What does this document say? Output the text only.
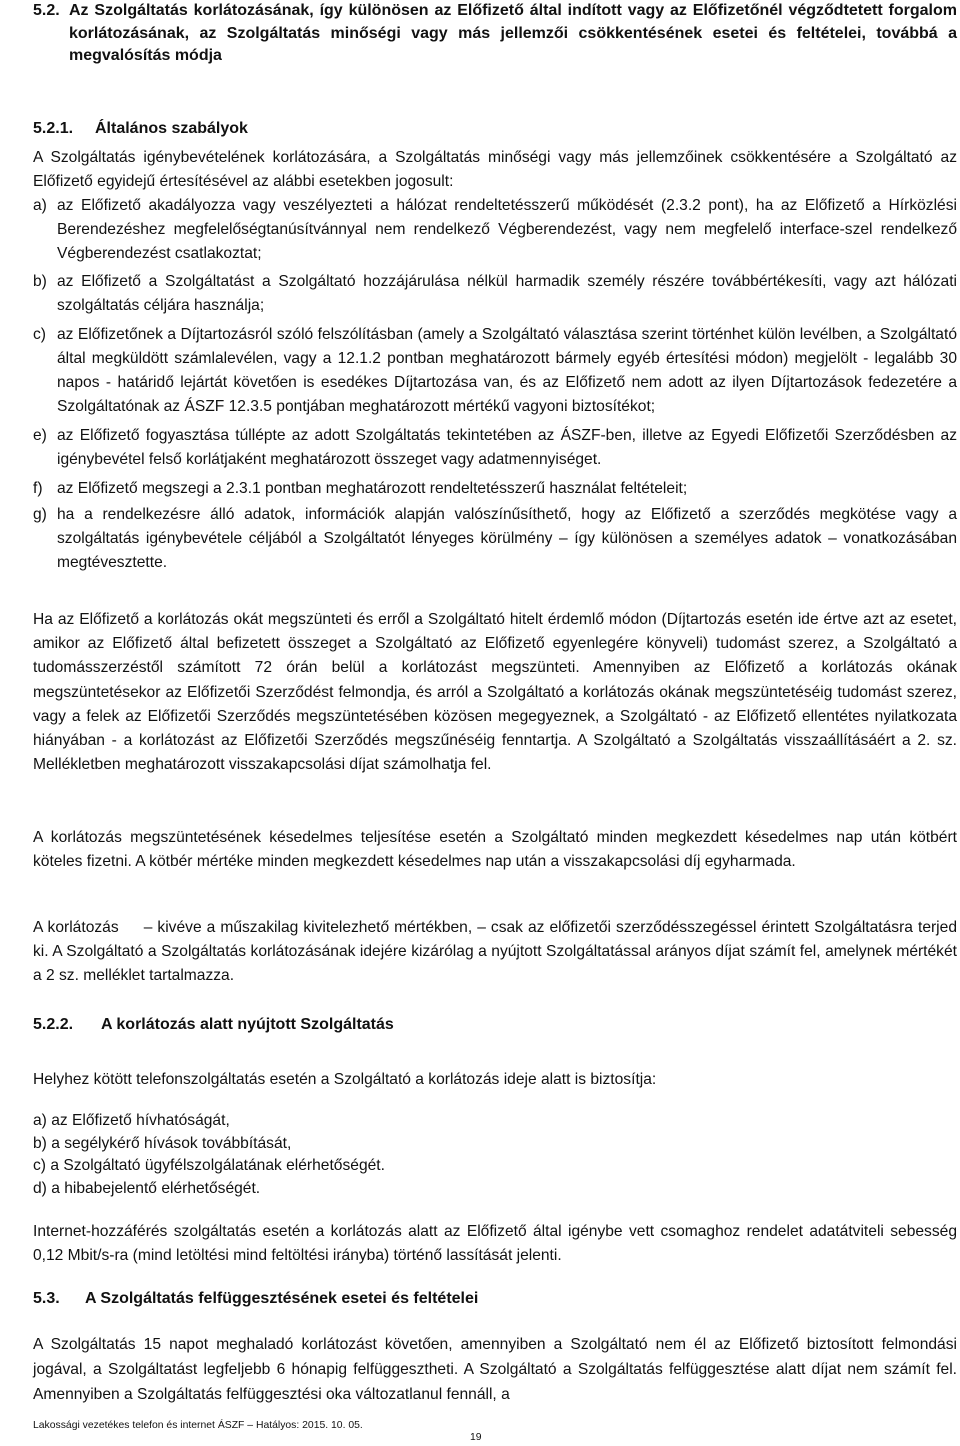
5.2. Az Szolgáltatás korlátozásának, így különösen az Előfizető által indított vagy az Előfizetőnél végződtetett forgalom korlátozásának, az Szolgáltatás minőségi vagy más jellemzői csökkentésének esetei és feltételei, továbbá a megvalósítás módja
5.2.1. Általános szabályok
A Szolgáltatás igénybevételének korlátozására, a Szolgáltatás minőségi vagy más jellemzőinek csökkentésére a Szolgáltató az Előfizető egyidejű értesítésével az alábbi esetekben jogosult:
a) az Előfizető akadályozza vagy veszélyezteti a hálózat rendeltetésszerű működését (2.3.2 pont), ha az Előfizető a Hírközlési Berendezéshez megfelelőségtanúsítvánnyal nem rendelkező Végberendezést, vagy nem megfelelő interface-szel rendelkező Végberendezést csatlakoztat;
b) az Előfizető a Szolgáltatást a Szolgáltató hozzájárulása nélkül harmadik személy részére továbbértékesíti, vagy azt hálózati szolgáltatás céljára használja;
c) az Előfizetőnek a Díjtartozásról szóló felszólításban (amely a Szolgáltató választása szerint történhet külön levélben, a Szolgáltató által megküldött számlalevélen, vagy a 12.1.2 pontban meghatározott bármely egyéb értesítési módon) megjelölt - legalább 30 napos - határidő lejártát követően is esedékes Díjtartozása van, és az Előfizető nem adott az ilyen Díjtartozások fedezetére a Szolgáltatónak az ÁSZF 12.3.5 pontjában meghatározott mértékű vagyoni biztosítékot;
e) az Előfizető fogyasztása túllépte az adott Szolgáltatás tekintetében az ÁSZF-ben, illetve az Egyedi Előfizetői Szerződésben az igénybevétel felső korlátjaként meghatározott összeget vagy adatmennyiséget.
f) az Előfizető megszegi a 2.3.1 pontban meghatározott rendeltetésszerű használat feltételeit;
g) ha a rendelkezésre álló adatok, információk alapján valószínűsíthető, hogy az Előfizető a szerződés megkötése vagy a szolgáltatás igénybevétele céljából a Szolgáltatót lényeges körülmény – így különösen a személyes adatok – vonatkozásában megtévesztette.
Ha az Előfizető a korlátozás okát megszünteti és erről a Szolgáltató hitelt érdemlő módon (Díjtartozás esetén ide értve azt az esetet, amikor az Előfizető által befizetett összeget a Szolgáltató az Előfizető egyenlegére könyveli) tudomást szerez, a Szolgáltató a tudomásszerzéstől számított 72 órán belül a korlátozást megszünteti. Amennyiben az Előfizető a korlátozás okának megszüntetésekor az Előfizetői Szerződést felmondja, és arról a Szolgáltató a korlátozás okának megszüntetéséig tudomást szerez, vagy a felek az Előfizetői Szerződés megszüntetésében közösen megegyeznek, a Szolgáltató - az Előfizető ellentétes nyilatkozata hiányában - a korlátozást az Előfizetői Szerződés megszűnéséig fenntartja. A Szolgáltató a Szolgáltatás visszaállításáért a 2. sz. Mellékletben meghatározott visszakapcsolási díjat számolhatja fel.
A korlátozás megszüntetésének késedelmes teljesítése esetén a Szolgáltató minden megkezdett késedelmes nap után kötbért köteles fizetni. A kötbér mértéke minden megkezdett késedelmes nap után a visszakapcsolási díj egyharmada.
A korlátozás     – kivéve a műszakilag kivitelezhető mértékben, – csak az előfizetői szerződésszegéssel érintett Szolgáltatásra terjed ki. A Szolgáltató a Szolgáltatás korlátozásának idejére kizárólag a nyújtott Szolgáltatással arányos díjat számít fel, amelynek mértékét a 2 sz. melléklet tartalmazza.
5.2.2. A korlátozás alatt nyújtott Szolgáltatás
Helyhez kötött telefonszolgáltatás esetén a Szolgáltató a korlátozás ideje alatt is biztosítja:
a) az Előfizető hívhatóságát,
b) a segélykérő hívások továbbítását,
c) a Szolgáltató ügyfélszolgálatának elérhetőségét.
d) a hibabejelentő elérhetőségét.
Internet-hozzáférés szolgáltatás esetén a korlátozás alatt az Előfizető által igénybe vett csomaghoz rendelet adatátviteli sebesség 0,12 Mbit/s-ra (mind letöltési mind feltöltési irányba) történő lassítását jelenti.
5.3. A Szolgáltatás felfüggesztésének esetei és feltételei
A Szolgáltatás 15 napot meghaladó korlátozást követően, amennyiben a Szolgáltató nem él az Előfizető biztosított felmondási jogával, a Szolgáltatást legfeljebb 6 hónapig felfüggesztheti. A Szolgáltató a Szolgáltatás felfüggesztése alatt díjat nem számít fel. Amennyiben a Szolgáltatás felfüggesztési oka változatlanul fennáll, a
Lakossági vezetékes telefon és internet ÁSZF – Hatályos: 2015. 10. 05.
19
